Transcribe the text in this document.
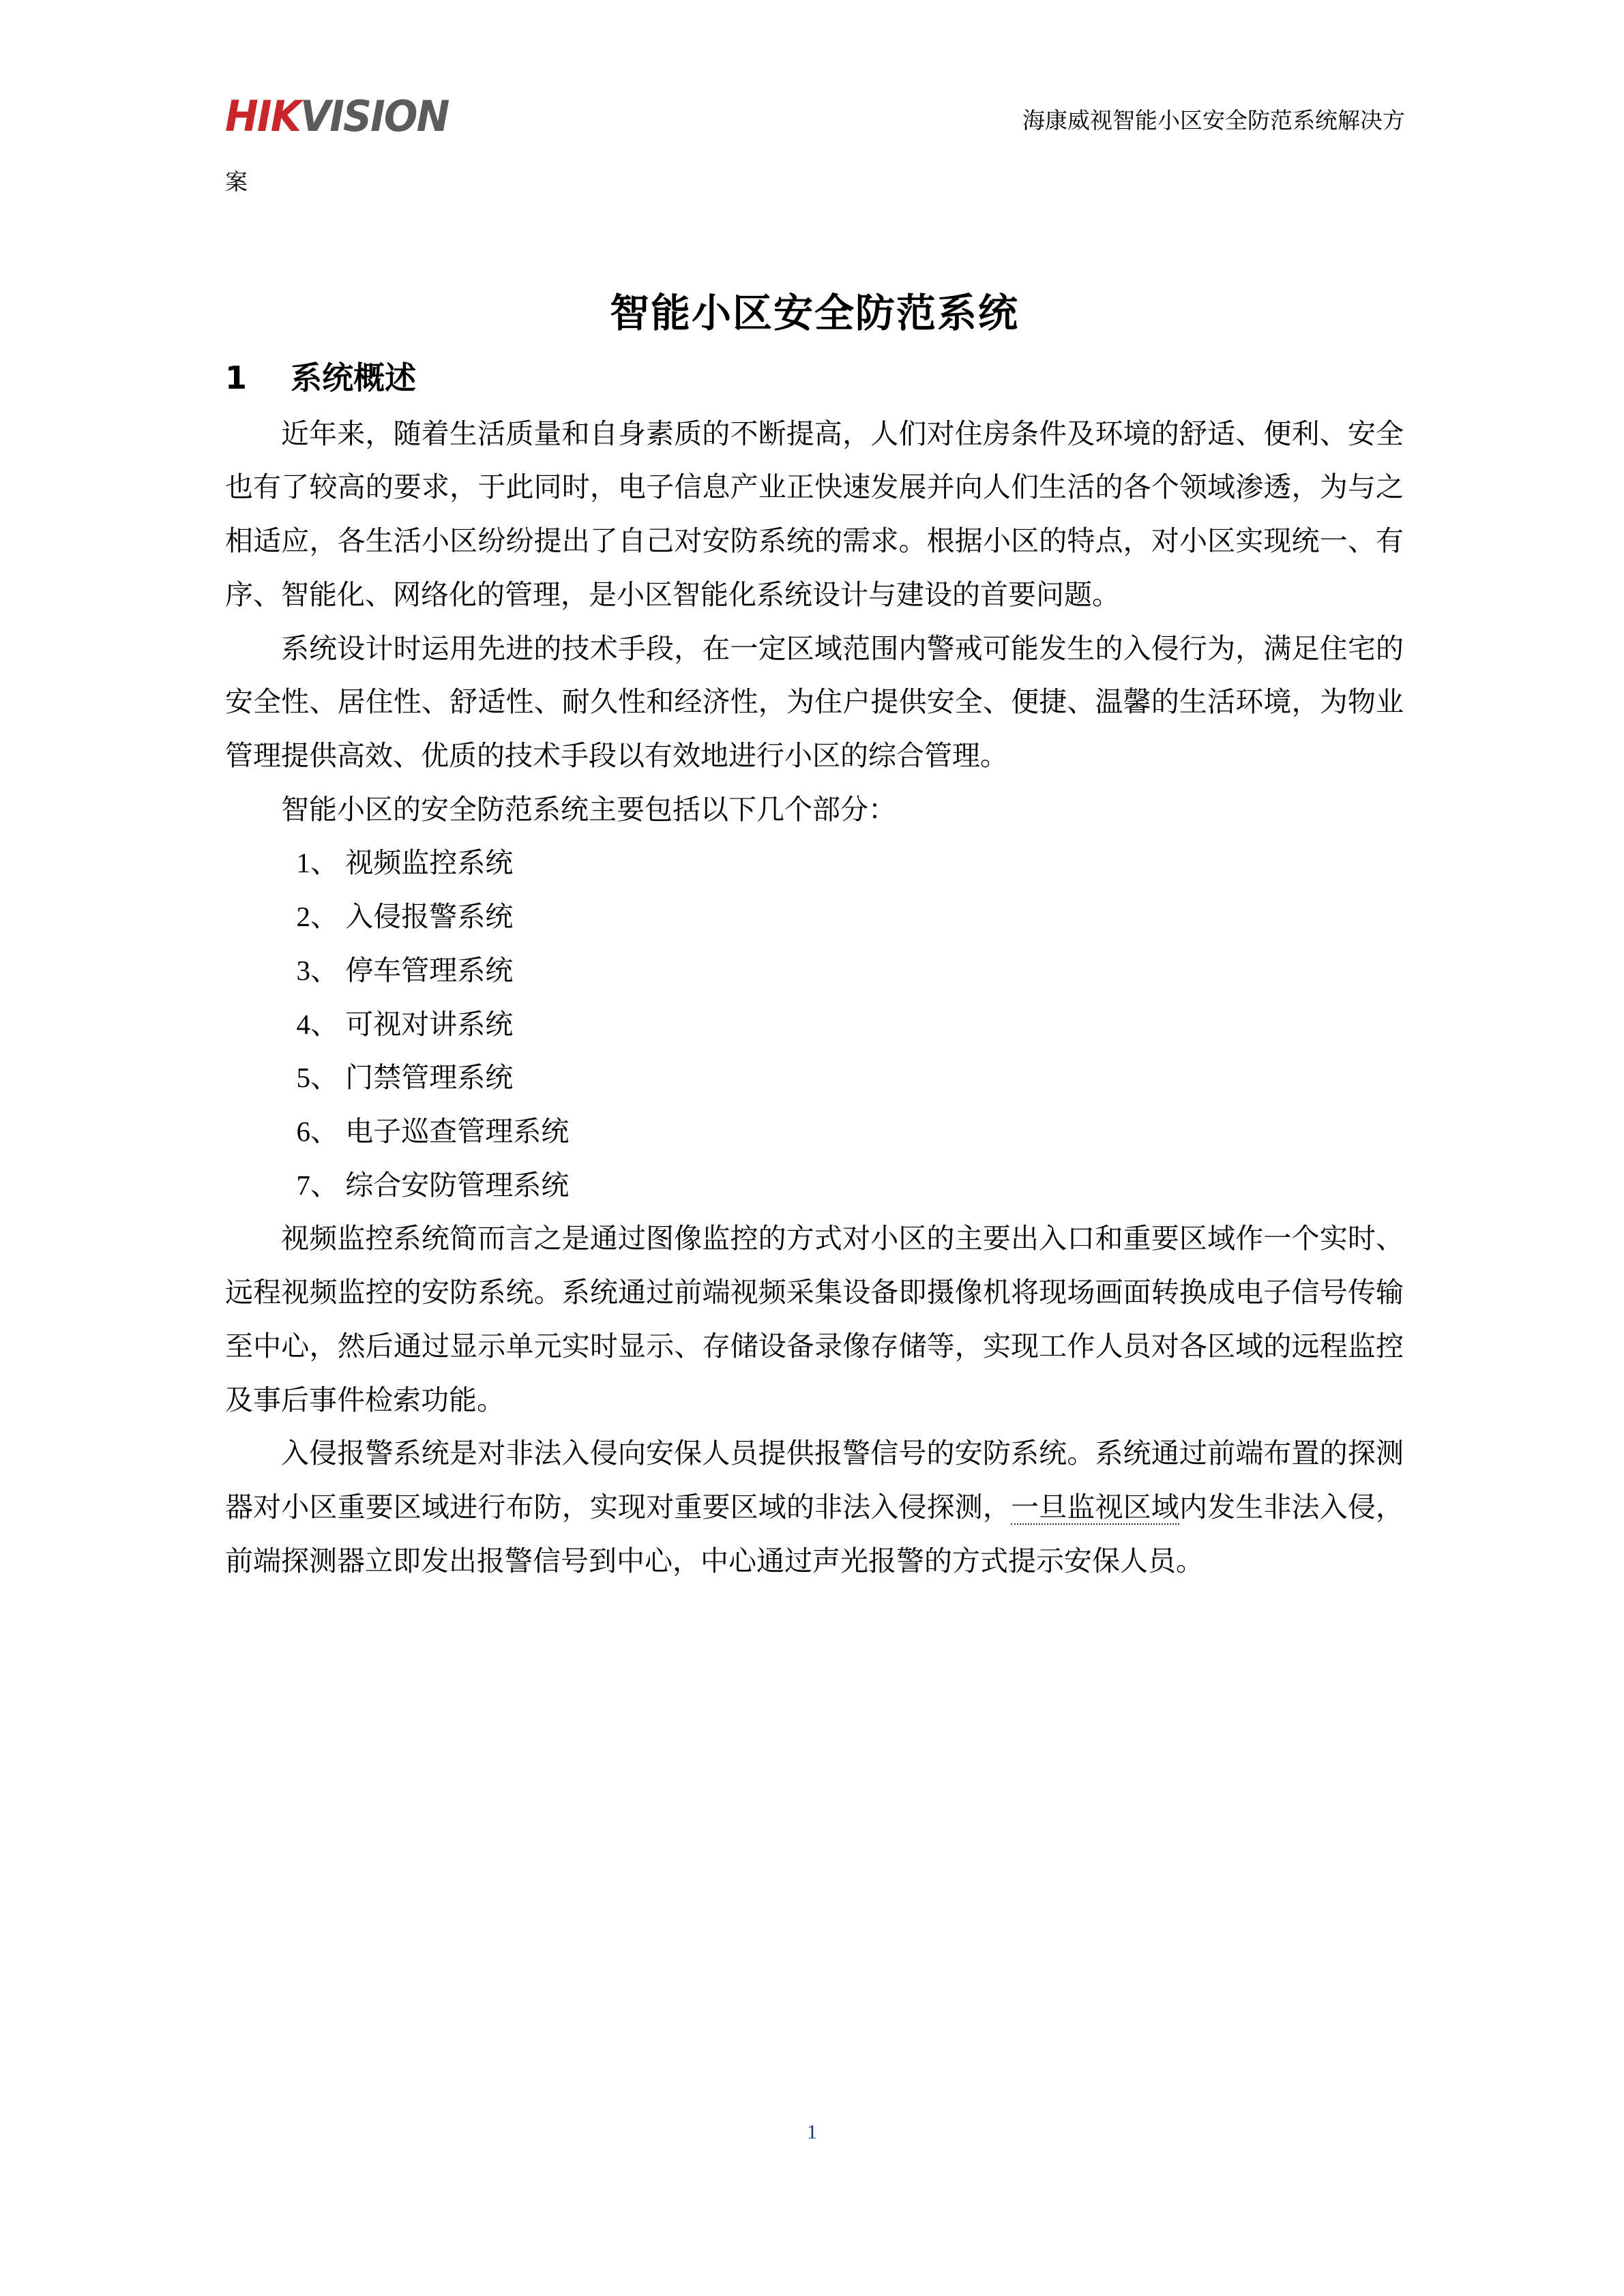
HIKVISION	海康威视智能小区安全防范系统解决方
案
智能小区安全防范系统
1    系统概述

近年来，随着生活质量和自身素质的不断提高，人们对住房条件及环境的舒适、便利、安全也有了较高的要求，于此同时，电子信息产业正快速发展并向人们生活的各个领域渗透，为与之相适应，各生活小区纷纷提出了自己对安防系统的需求。根据小区的特点，对小区实现统一、有序、智能化、网络化的管理，是小区智能化系统设计与建设的首要问题。

系统设计时运用先进的技术手段，在一定区域范围内警戒可能发生的入侵行为，满足住宅的安全性、居住性、舒适性、耐久性和经济性，为住户提供安全、便捷、温馨的生活环境，为物业管理提供高效、优质的技术手段以有效地进行小区的综合管理。

智能小区的安全防范系统主要包括以下几个部分：

1、 视频监控系统
2、 入侵报警系统
3、 停车管理系统
4、 可视对讲系统
5、 门禁管理系统
6、 电子巡查管理系统
7、 综合安防管理系统

视频监控系统简而言之是通过图像监控的方式对小区的主要出入口和重要区域作一个实时、远程视频监控的安防系统。系统通过前端视频采集设备即摄像机将现场画面转换成电子信号传输至中心，然后通过显示单元实时显示、存储设备录像存储等，实现工作人员对各区域的远程监控及事后事件检索功能。

入侵报警系统是对非法入侵向安保人员提供报警信号的安防系统。系统通过前端布置的探测器对小区重要区域进行布防，实现对重要区域的非法入侵探测，一旦监视区域内发生非法入侵，前端探测器立即发出报警信号到中心，中心通过声光报警的方式提示安保人员。

1
